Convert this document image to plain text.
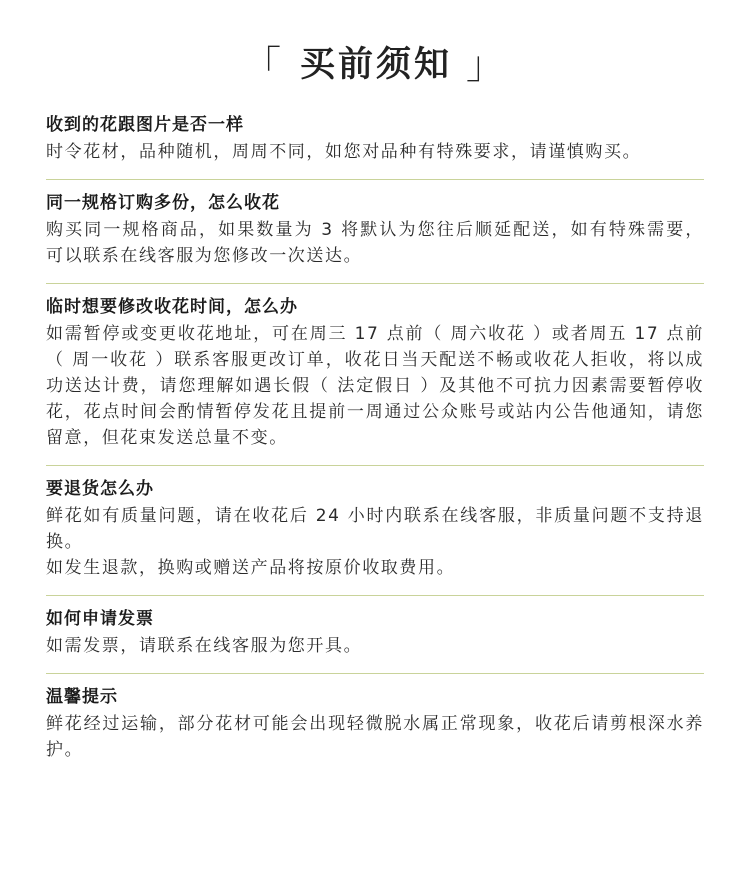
「 买前须知 」
收到的花跟图片是否一样
时令花材，品种随机，周周不同，如您对品种有特殊要求，请谨慎购买。
同一规格订购多份，怎么收花
购买同一规格商品，如果数量为 3 将默认为您往后顺延配送，如有特殊需要，可以联系在线客服为您修改一次送达。
临时想要修改收花时间，怎么办
如需暂停或变更收花地址，可在周三 17 点前（ 周六收花 ）或者周五 17 点前（ 周一收花 ）联系客服更改订单，收花日当天配送不畅或收花人拒收，将以成功送达计费，请您理解如遇长假（ 法定假日 ）及其他不可抗力因素需要暂停收花，花点时间会酌情暂停发花且提前一周通过公众账号或站内公告他通知，请您留意，但花束发送总量不变。
要退货怎么办
鲜花如有质量问题，请在收花后 24 小时内联系在线客服，非质量问题不支持退换。
如发生退款，换购或赠送产品将按原价收取费用。
如何申请发票
如需发票，请联系在线客服为您开具。
温馨提示
鲜花经过运输，部分花材可能会出现轻微脱水属正常现象，收花后请剪根深水养护。
